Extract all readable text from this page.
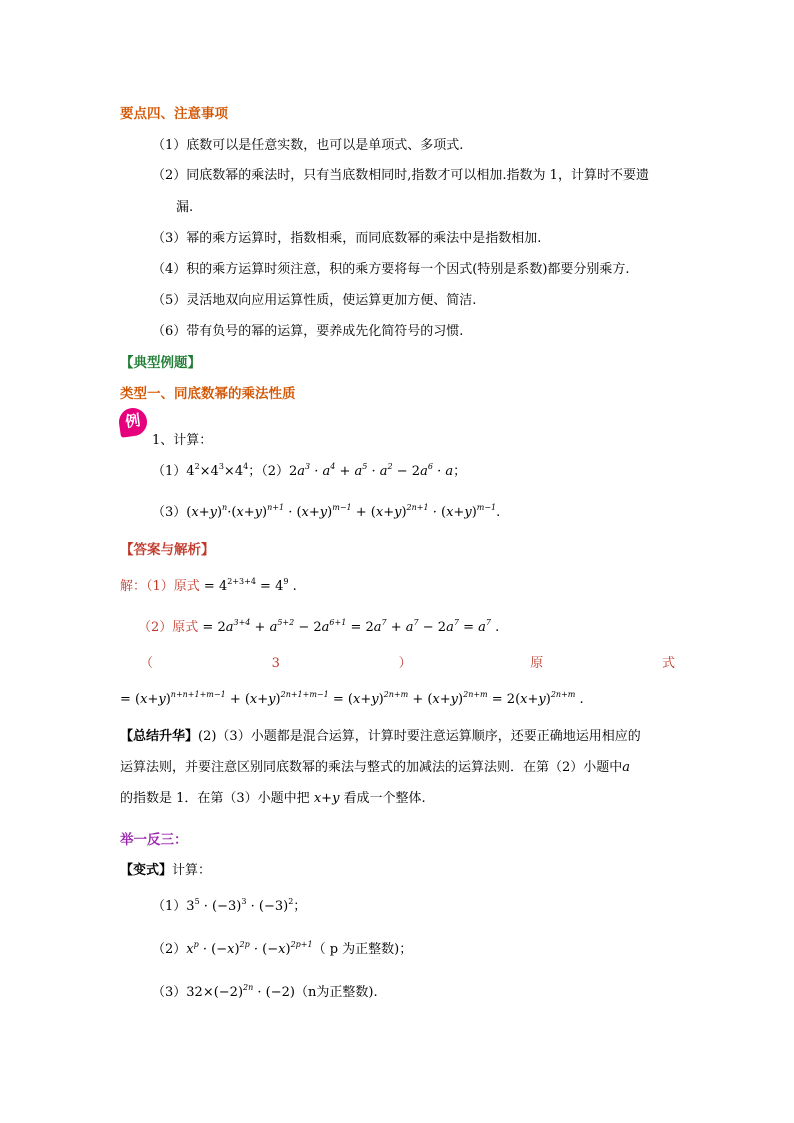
要点四、注意事项
（1）底数可以是任意实数，也可以是单项式、多项式.
（2）同底数幂的乘法时，只有当底数相同时,指数才可以相加.指数为 1，计算时不要遗
漏.
（3）幂的乘方运算时，指数相乘，而同底数幂的乘法中是指数相加.
（4）积的乘方运算时须注意，积的乘方要将每一个因式(特别是系数)都要分别乘方.
（5）灵活地双向应用运算性质，使运算更加方便、简洁.
（6）带有负号的幂的运算，要养成先化简符号的习惯.
【典型例题】
类型一、同底数幂的乘法性质
例
1、计算：
$(1)4^2\times 4^3\times 4^4$；$(2)2a^3 \cdot a^4 + a^5 \cdot a^2 - 2a^6 \cdot a$；
$(3)(x+y)^n\cdot(x+y)^{n+1} \cdot (x+y)^{m-1} + (x+y)^{2n+1} \cdot (x+y)^{m-1}$.
【答案与解析】
解：（1）原式 = $4^{2+3+4} = 4^9$ .
（2）原式 = $2a^{3+4} + a^{5+2} - 2a^{6+1} = 2a^7 + a^7 - 2a^7 = a^7$ .
（	3	）	原	式
= $(x+y)^{n+n+1+m-1} + (x+y)^{2n+1+m-1} = (x+y)^{2n+m} + (x+y)^{2n+m} = 2(x+y)^{2n+m}$ .
【总结升华】(2)（3）小题都是混合运算，计算时要注意运算顺序，还要正确地运用相应的
运算法则，并要注意区别同底数幂的乘法与整式的加减法的运算法则．在第（2）小题中a
的指数是 1．在第（3）小题中把 x+y 看成一个整体.
举一反三：
【变式】计算：
$(1)3^5 \cdot (-3)^3 \cdot (-3)^2$；
$(2)x^p \cdot (-x)^{2p} \cdot (-x)^{2p+1}$（ p 为正整数)；
$(3)32\times(-2)^{2n} \cdot (-2)(n$为正整数).
